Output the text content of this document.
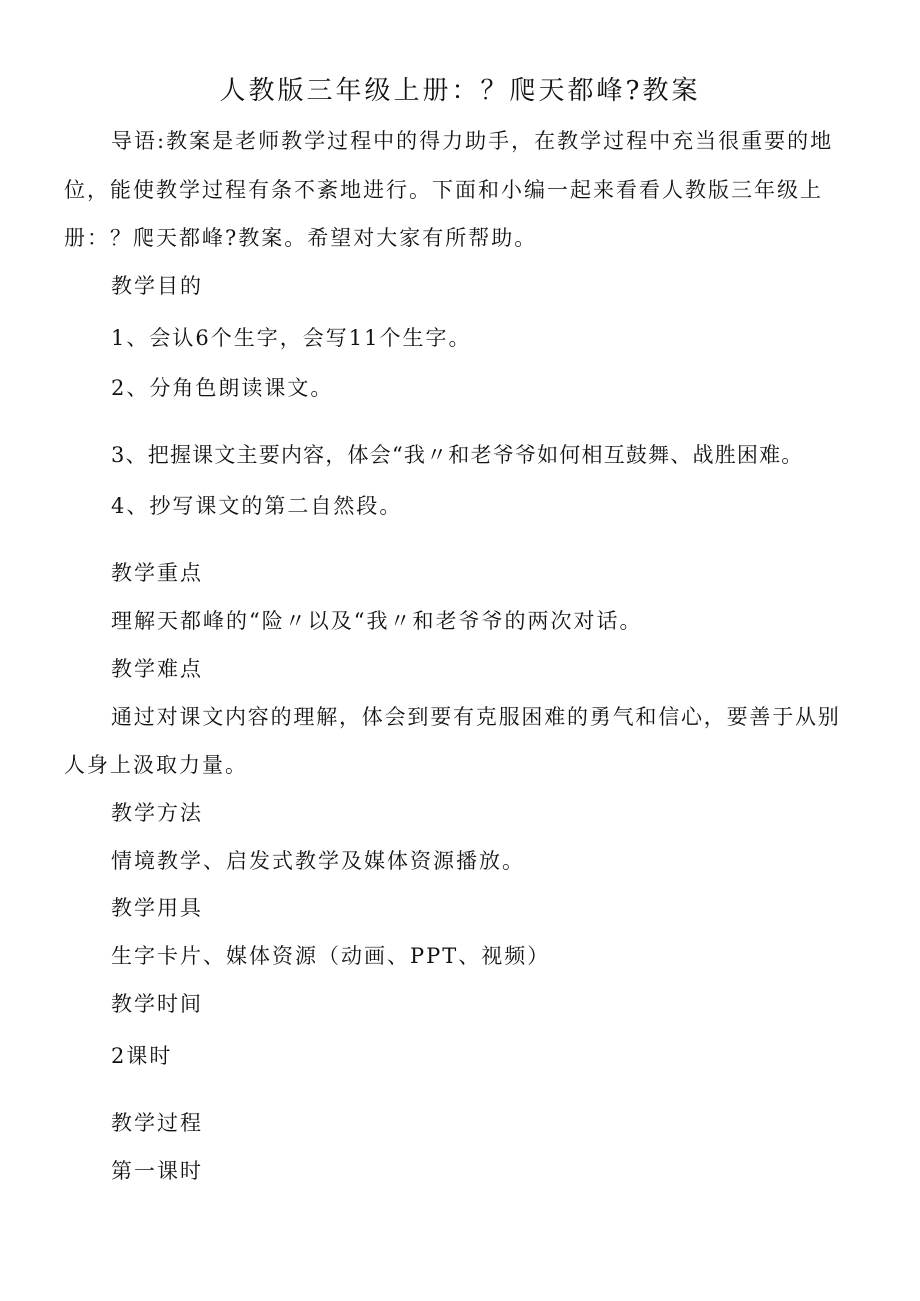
人教版三年级上册：？爬天都峰?教案
导语:教案是老师教学过程中的得力助手，在教学过程中充当很重要的地
位，能使教学过程有条不紊地进行。下面和小编一起来看看人教版三年级上
册：？爬天都峰?教案。希望对大家有所帮助。
教学目的
1、会认6个生字，会写11个生字。
2、分角色朗读课文。
3、把握课文主要内容，体会“我〃和老爷爷如何相互鼓舞、战胜困难。
4、抄写课文的第二自然段。
教学重点
理解天都峰的“险〃以及“我〃和老爷爷的两次对话。
教学难点
通过对课文内容的理解，体会到要有克服困难的勇气和信心，要善于从别
人身上汲取力量。
教学方法
情境教学、启发式教学及媒体资源播放。
教学用具
生字卡片、媒体资源（动画、PPT、视频）
教学时间
2课时
教学过程
第一课时
